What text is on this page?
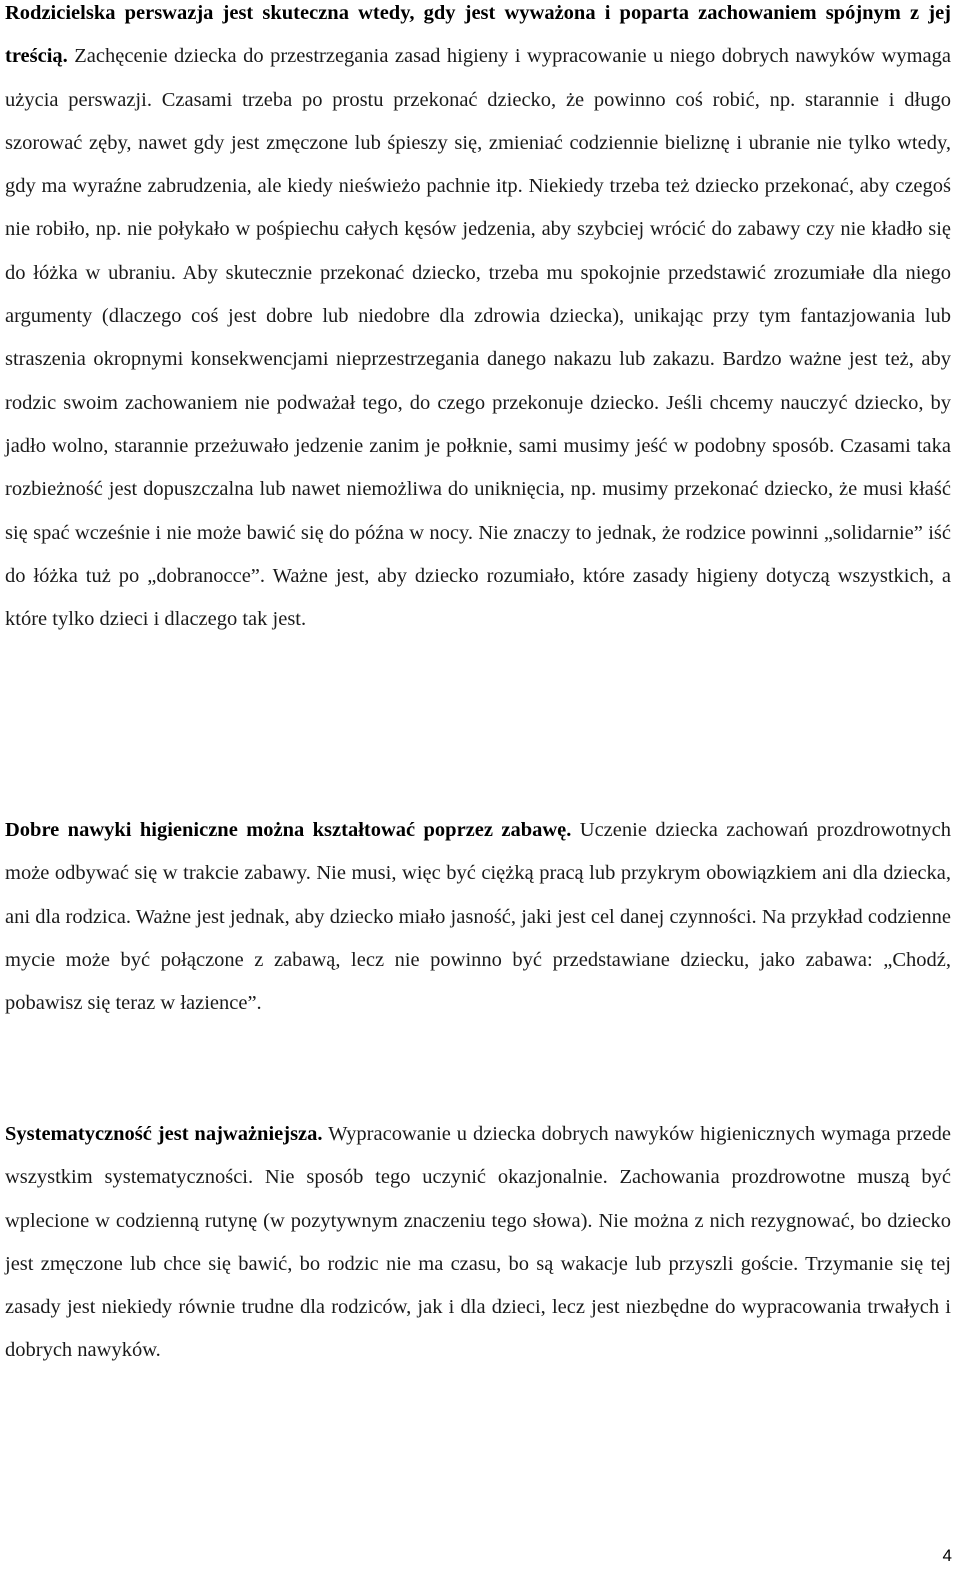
Rodzicielska perswazja jest skuteczna wtedy, gdy jest wyważona i poparta zachowaniem spójnym z jej treścią. Zachęcenie dziecka do przestrzegania zasad higieny i wypracowanie u niego dobrych nawyków wymaga użycia perswazji. Czasami trzeba po prostu przekonać dziecko, że powinno coś robić, np. starannie i długo szorować zęby, nawet gdy jest zmęczone lub śpieszy się, zmieniać codziennie bieliznę i ubranie nie tylko wtedy, gdy ma wyraźne zabrudzenia, ale kiedy nieświeżo pachnie itp. Niekiedy trzeba też dziecko przekonać, aby czegoś nie robiło, np. nie połykało w pośpiechu całych kęsów jedzenia, aby szybciej wrócić do zabawy czy nie kładło się do łóżka w ubraniu. Aby skutecznie przekonać dziecko, trzeba mu spokojnie przedstawić zrozumiałe dla niego argumenty (dlaczego coś jest dobre lub niedobre dla zdrowia dziecka), unikając przy tym fantazjowania lub straszenia okropnymi konsekwencjami nieprzestrzegania danego nakazu lub zakazu. Bardzo ważne jest też, aby rodzic swoim zachowaniem nie podważał tego, do czego przekonuje dziecko. Jeśli chcemy nauczyć dziecko, by jadło wolno, starannie przeżuwało jedzenie zanim je połknie, sami musimy jeść w podobny sposób. Czasami taka rozbieżność jest dopuszczalna lub nawet niemożliwa do uniknięcia, np. musimy przekonać dziecko, że musi kłaść się spać wcześnie i nie może bawić się do późna w nocy. Nie znaczy to jednak, że rodzice powinni „solidarnie” iść do łóżka tuż po „dobranocce”. Ważne jest, aby dziecko rozumiało, które zasady higieny dotyczą wszystkich, a które tylko dzieci i dlaczego tak jest.

Dobre nawyki higieniczne można kształtować poprzez zabawę. Uczenie dziecka zachowań prozdrowotnych może odbywać się w trakcie zabawy. Nie musi, więc być ciężką pracą lub przykrym obowiązkiem ani dla dziecka, ani dla rodzica. Ważne jest jednak, aby dziecko miało jasność, jaki jest cel danej czynności. Na przykład codzienne mycie może być połączone z zabawą, lecz nie powinno być przedstawiane dziecku, jako zabawa: „Chodź, pobawisz się teraz w łazience”.

Systematyczność jest najważniejsza. Wypracowanie u dziecka dobrych nawyków higienicznych wymaga przede wszystkim systematyczności. Nie sposób tego uczynić okazjonalnie. Zachowania prozdrowotne muszą być wplecione w codzienną rutynę (w pozytywnym znaczeniu tego słowa). Nie można z nich rezygnować, bo dziecko jest zmęczone lub chce się bawić, bo rodzic nie ma czasu, bo są wakacje lub przyszli goście. Trzymanie się tej zasady jest niekiedy równie trudne dla rodziców, jak i dla dzieci, lecz jest niezbędne do wypracowania trwałych i dobrych nawyków.

4
